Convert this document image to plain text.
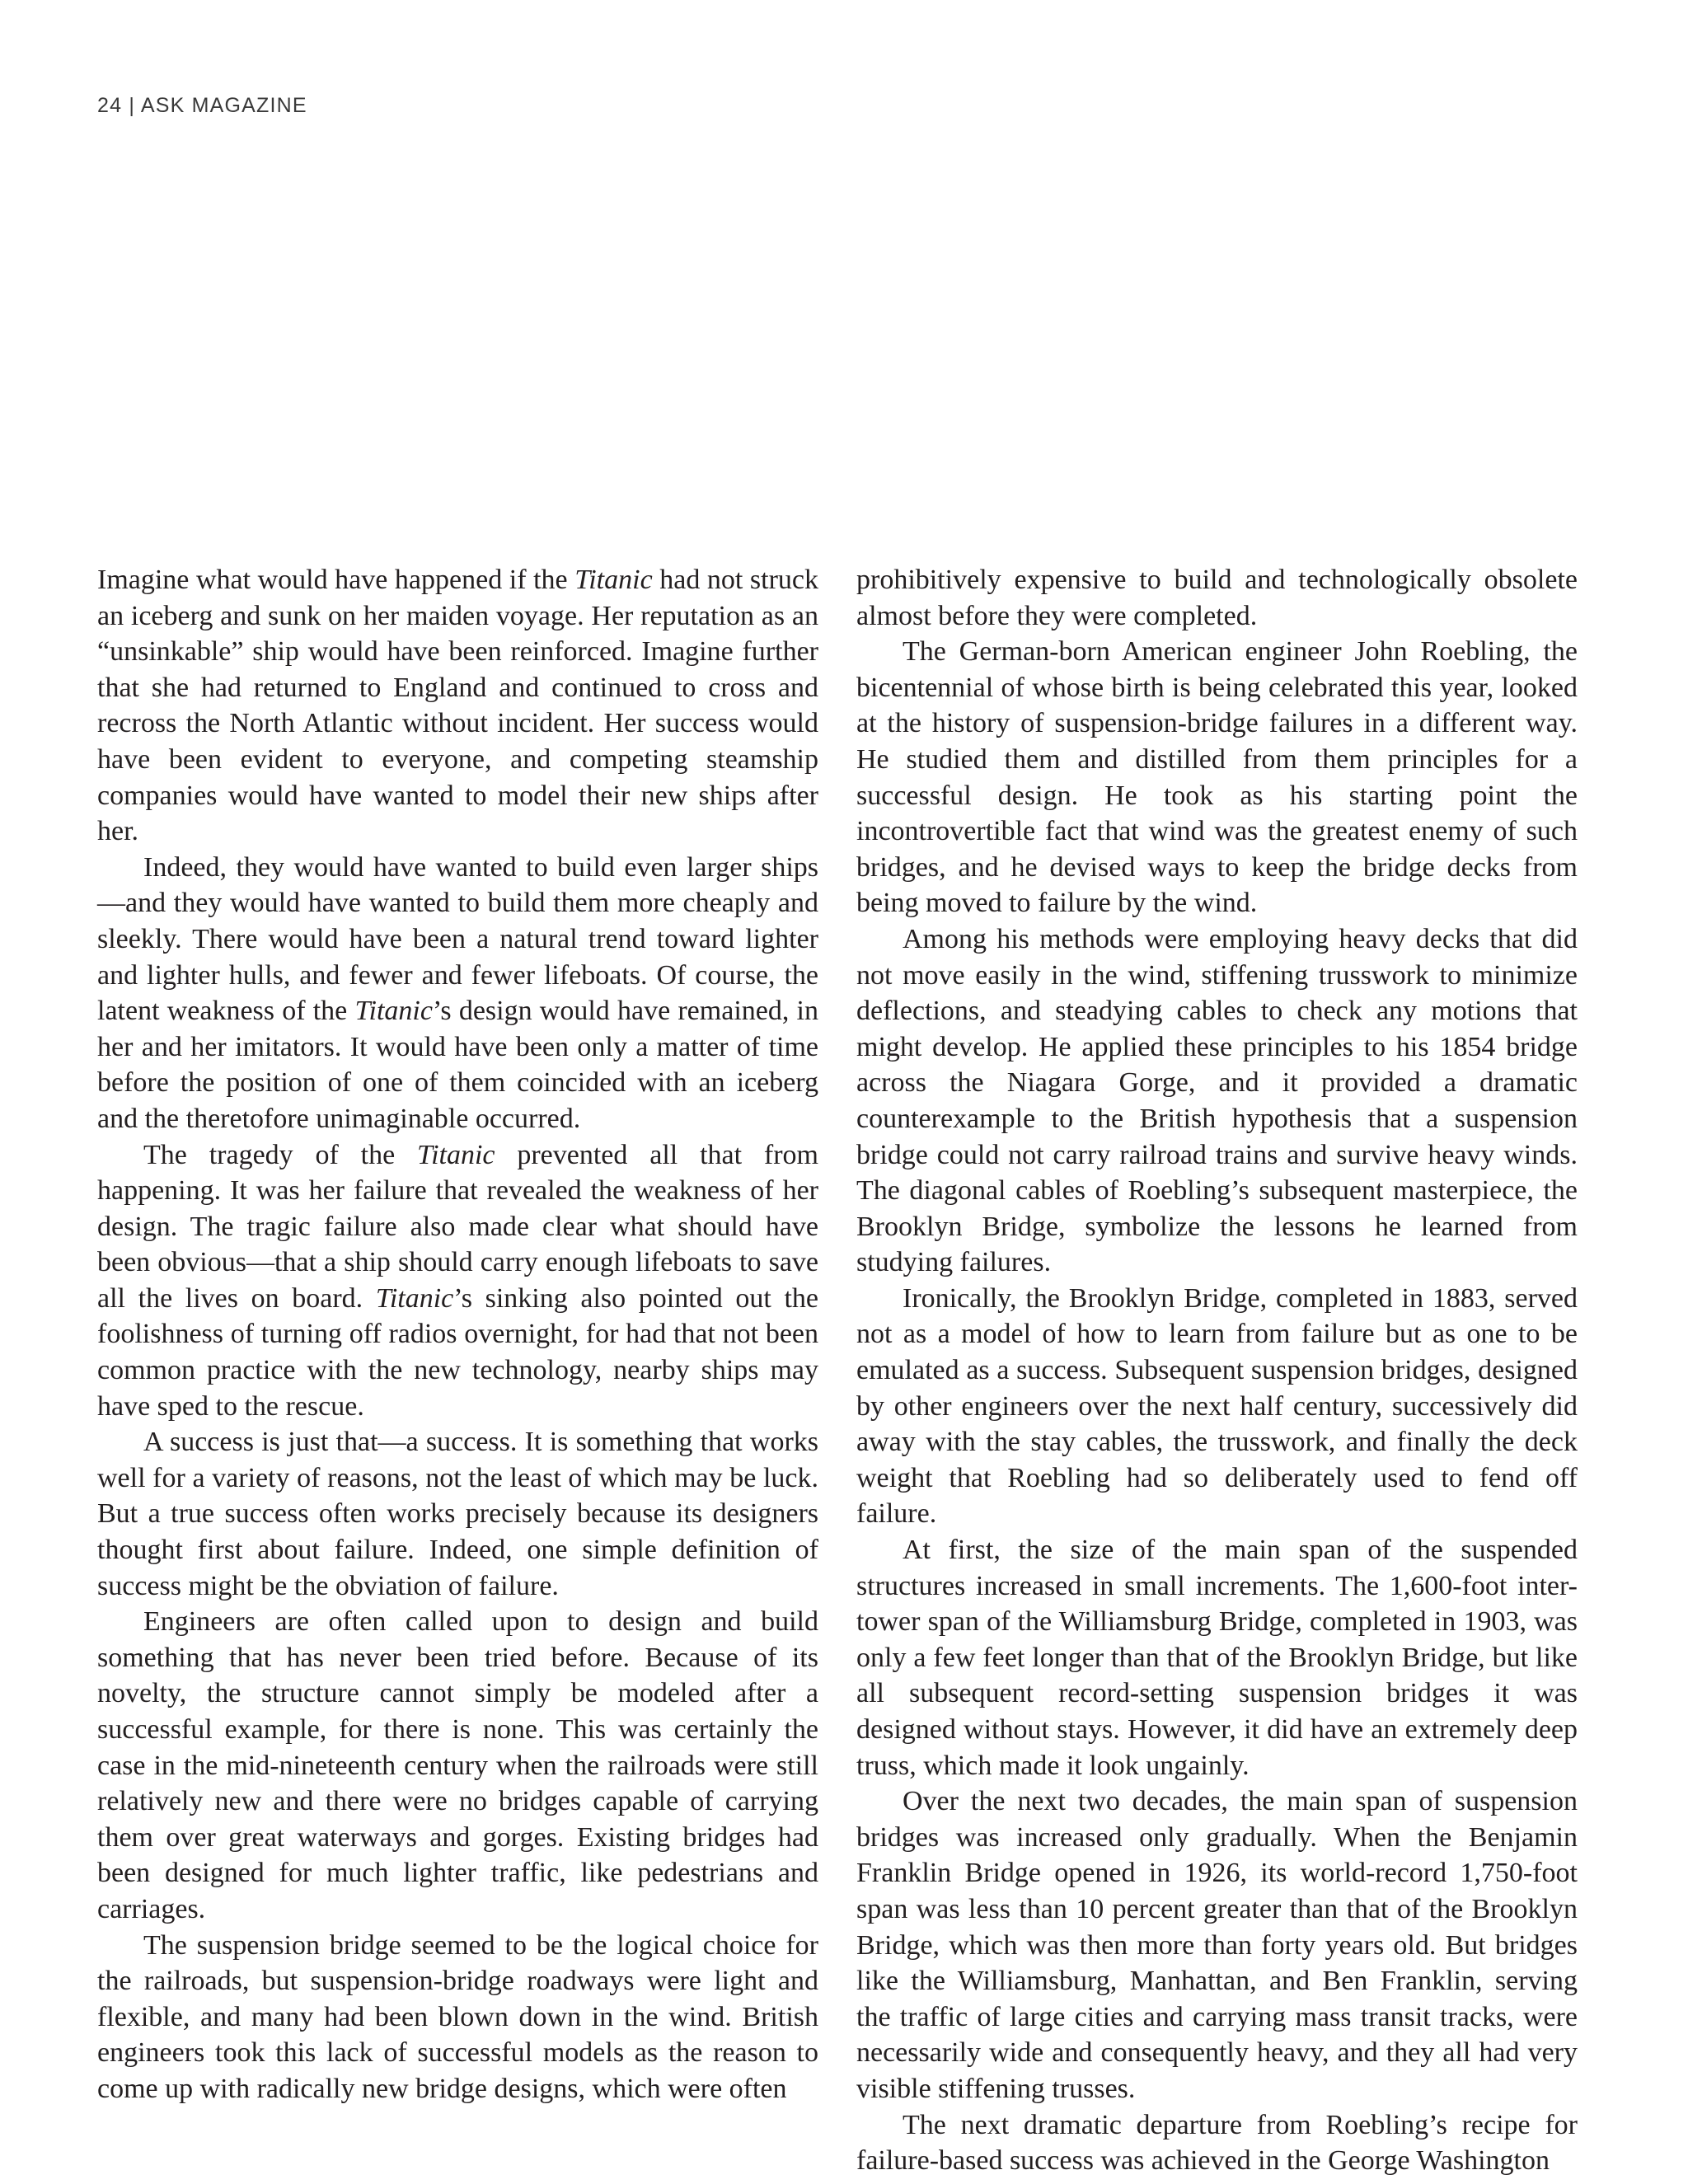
24 | ASK MAGAZINE

Imagine what would have happened if the Titanic had not struck an iceberg and sunk on her maiden voyage. Her reputation as an “unsinkable” ship would have been reinforced. Imagine further that she had returned to England and continued to cross and recross the North Atlantic without incident. Her success would have been evident to everyone, and competing steamship companies would have wanted to model their new ships after her.

Indeed, they would have wanted to build even larger ships—and they would have wanted to build them more cheaply and sleekly. There would have been a natural trend toward lighter and lighter hulls, and fewer and fewer lifeboats. Of course, the latent weakness of the Titanic’s design would have remained, in her and her imitators. It would have been only a matter of time before the position of one of them coincided with an iceberg and the theretofore unimaginable occurred.

The tragedy of the Titanic prevented all that from happening. It was her failure that revealed the weakness of her design. The tragic failure also made clear what should have been obvious—that a ship should carry enough lifeboats to save all the lives on board. Titanic’s sinking also pointed out the foolishness of turning off radios overnight, for had that not been common practice with the new technology, nearby ships may have sped to the rescue.

A success is just that—a success. It is something that works well for a variety of reasons, not the least of which may be luck. But a true success often works precisely because its designers thought first about failure. Indeed, one simple definition of success might be the obviation of failure.

Engineers are often called upon to design and build something that has never been tried before. Because of its novelty, the structure cannot simply be modeled after a successful example, for there is none. This was certainly the case in the mid-nineteenth century when the railroads were still relatively new and there were no bridges capable of carrying them over great waterways and gorges. Existing bridges had been designed for much lighter traffic, like pedestrians and carriages.

The suspension bridge seemed to be the logical choice for the railroads, but suspension-bridge roadways were light and flexible, and many had been blown down in the wind. British engineers took this lack of successful models as the reason to come up with radically new bridge designs, which were often

prohibitively expensive to build and technologically obsolete almost before they were completed.

The German-born American engineer John Roebling, the bicentennial of whose birth is being celebrated this year, looked at the history of suspension-bridge failures in a different way. He studied them and distilled from them principles for a successful design. He took as his starting point the incontrovertible fact that wind was the greatest enemy of such bridges, and he devised ways to keep the bridge decks from being moved to failure by the wind.

Among his methods were employing heavy decks that did not move easily in the wind, stiffening trusswork to minimize deflections, and steadying cables to check any motions that might develop. He applied these principles to his 1854 bridge across the Niagara Gorge, and it provided a dramatic counterexample to the British hypothesis that a suspension bridge could not carry railroad trains and survive heavy winds. The diagonal cables of Roebling’s subsequent masterpiece, the Brooklyn Bridge, symbolize the lessons he learned from studying failures.

Ironically, the Brooklyn Bridge, completed in 1883, served not as a model of how to learn from failure but as one to be emulated as a success. Subsequent suspension bridges, designed by other engineers over the next half century, successively did away with the stay cables, the trusswork, and finally the deck weight that Roebling had so deliberately used to fend off failure.

At first, the size of the main span of the suspended structures increased in small increments. The 1,600-foot inter-tower span of the Williamsburg Bridge, completed in 1903, was only a few feet longer than that of the Brooklyn Bridge, but like all subsequent record-setting suspension bridges it was designed without stays. However, it did have an extremely deep truss, which made it look ungainly.

Over the next two decades, the main span of suspension bridges was increased only gradually. When the Benjamin Franklin Bridge opened in 1926, its world-record 1,750-foot span was less than 10 percent greater than that of the Brooklyn Bridge, which was then more than forty years old. But bridges like the Williamsburg, Manhattan, and Ben Franklin, serving the traffic of large cities and carrying mass transit tracks, were necessarily wide and consequently heavy, and they all had very visible stiffening trusses.

The next dramatic departure from Roebling’s recipe for failure-based success was achieved in the George Washington
